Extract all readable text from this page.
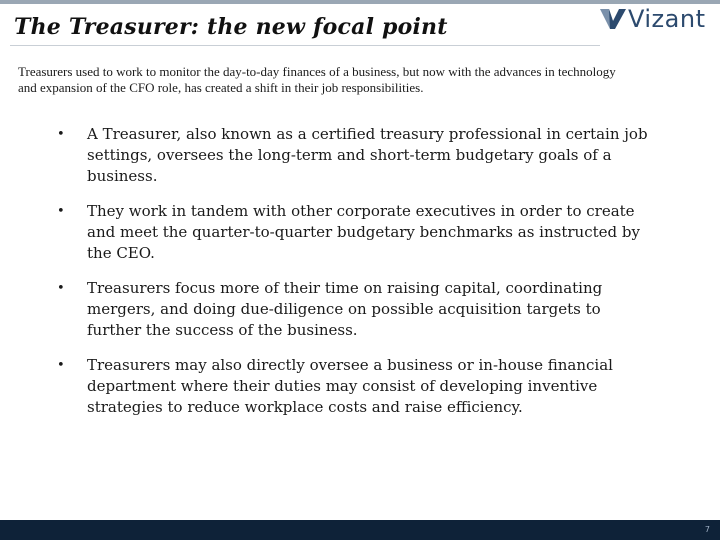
The Treasurer: the new focal point	Vizant

Treasurers used to work to monitor the day-to-day finances of a business, but now with the advances in technology and expansion of the CFO role, has created a shift in their job responsibilities.

• A Treasurer, also known as a certified treasury professional in certain job settings, oversees the long-term and short-term budgetary goals of a business.
• They work in tandem with other corporate executives in order to create and meet the quarter-to-quarter budgetary benchmarks as instructed by the CEO.
• Treasurers focus more of their time on raising capital, coordinating mergers, and doing due-diligence on possible acquisition targets to further the success of the business.
• Treasurers may also directly oversee a business or in-house financial department where their duties may consist of developing inventive strategies to reduce workplace costs and raise efficiency.
7
